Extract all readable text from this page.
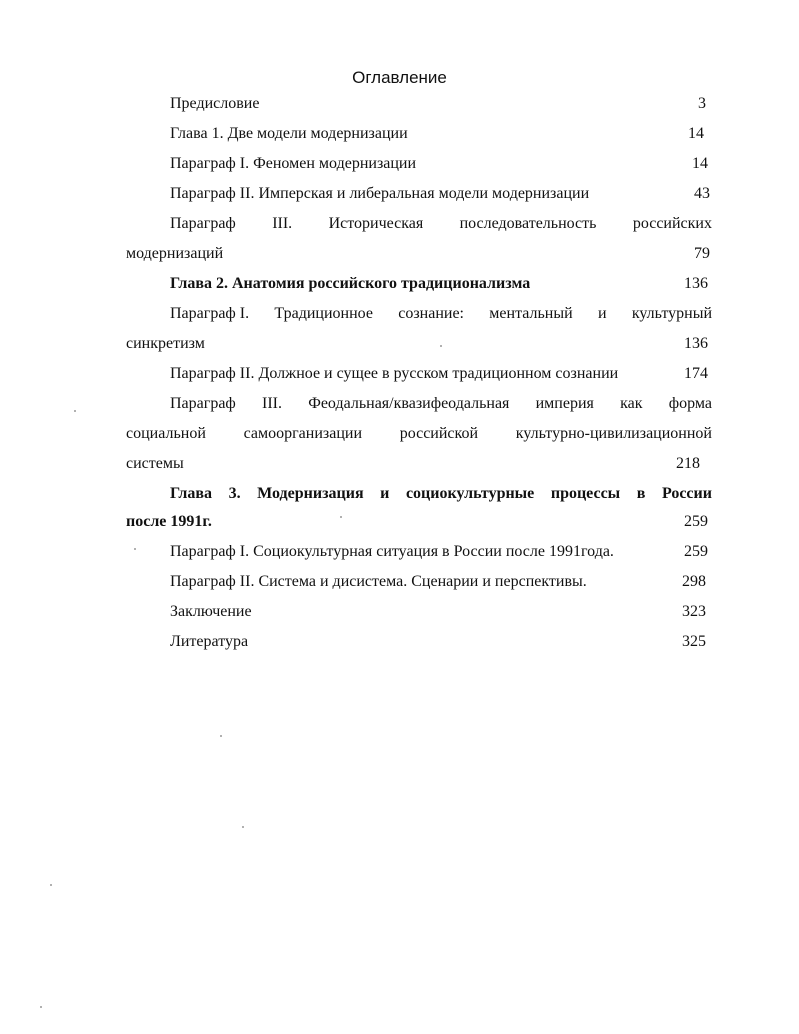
Оглавление
Предисловие	3
Глава 1. Две модели модернизации	14
Параграф I. Феномен модернизации	14
Параграф II. Имперская и либеральная модели модернизации	43
Параграф III. Историческая последовательность российских
модернизаций	79
Глава 2. Анатомия российского традиционализма	136
Параграф I. Традиционное сознание: ментальный и культурный
синкретизм	136
Параграф II. Должное и сущее в русском традиционном сознании	174
Параграф III. Феодальная/квазифеодальная империя как форма
социальной самоорганизации российской культурно-цивилизационной
системы	218
Глава 3. Модернизация и социокультурные процессы в России
после 1991г.	259
Параграф I. Социокультурная ситуация в России после 1991года.	259
Параграф II. Система и дисистема. Сценарии и перспективы.	298
Заключение	323
Литература	325
